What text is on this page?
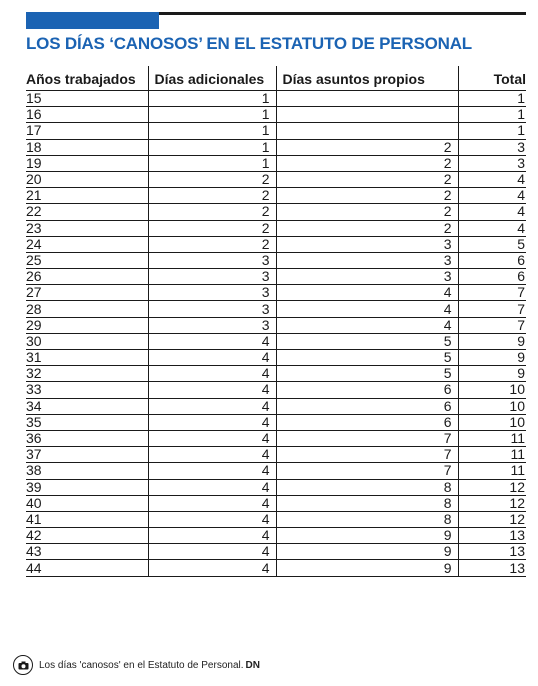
LOS DÍAS ‘CANOSOS’ EN EL ESTATUTO DE PERSONAL
Años trabajados	Días adicionales	Días asuntos propios	Total
15	1		1
16	1		1
17	1		1
18	1	2	3
19	1	2	3
20	2	2	4
21	2	2	4
22	2	2	4
23	2	2	4
24	2	3	5
25	3	3	6
26	3	3	6
27	3	4	7
28	3	4	7
29	3	4	7
30	4	5	9
31	4	5	9
32	4	5	9
33	4	6	10
34	4	6	10
35	4	6	10
36	4	7	11
37	4	7	11
38	4	7	11
39	4	8	12
40	4	8	12
41	4	8	12
42	4	9	13
43	4	9	13
44	4	9	13
Los días 'canosos' en el Estatuto de Personal. DN
